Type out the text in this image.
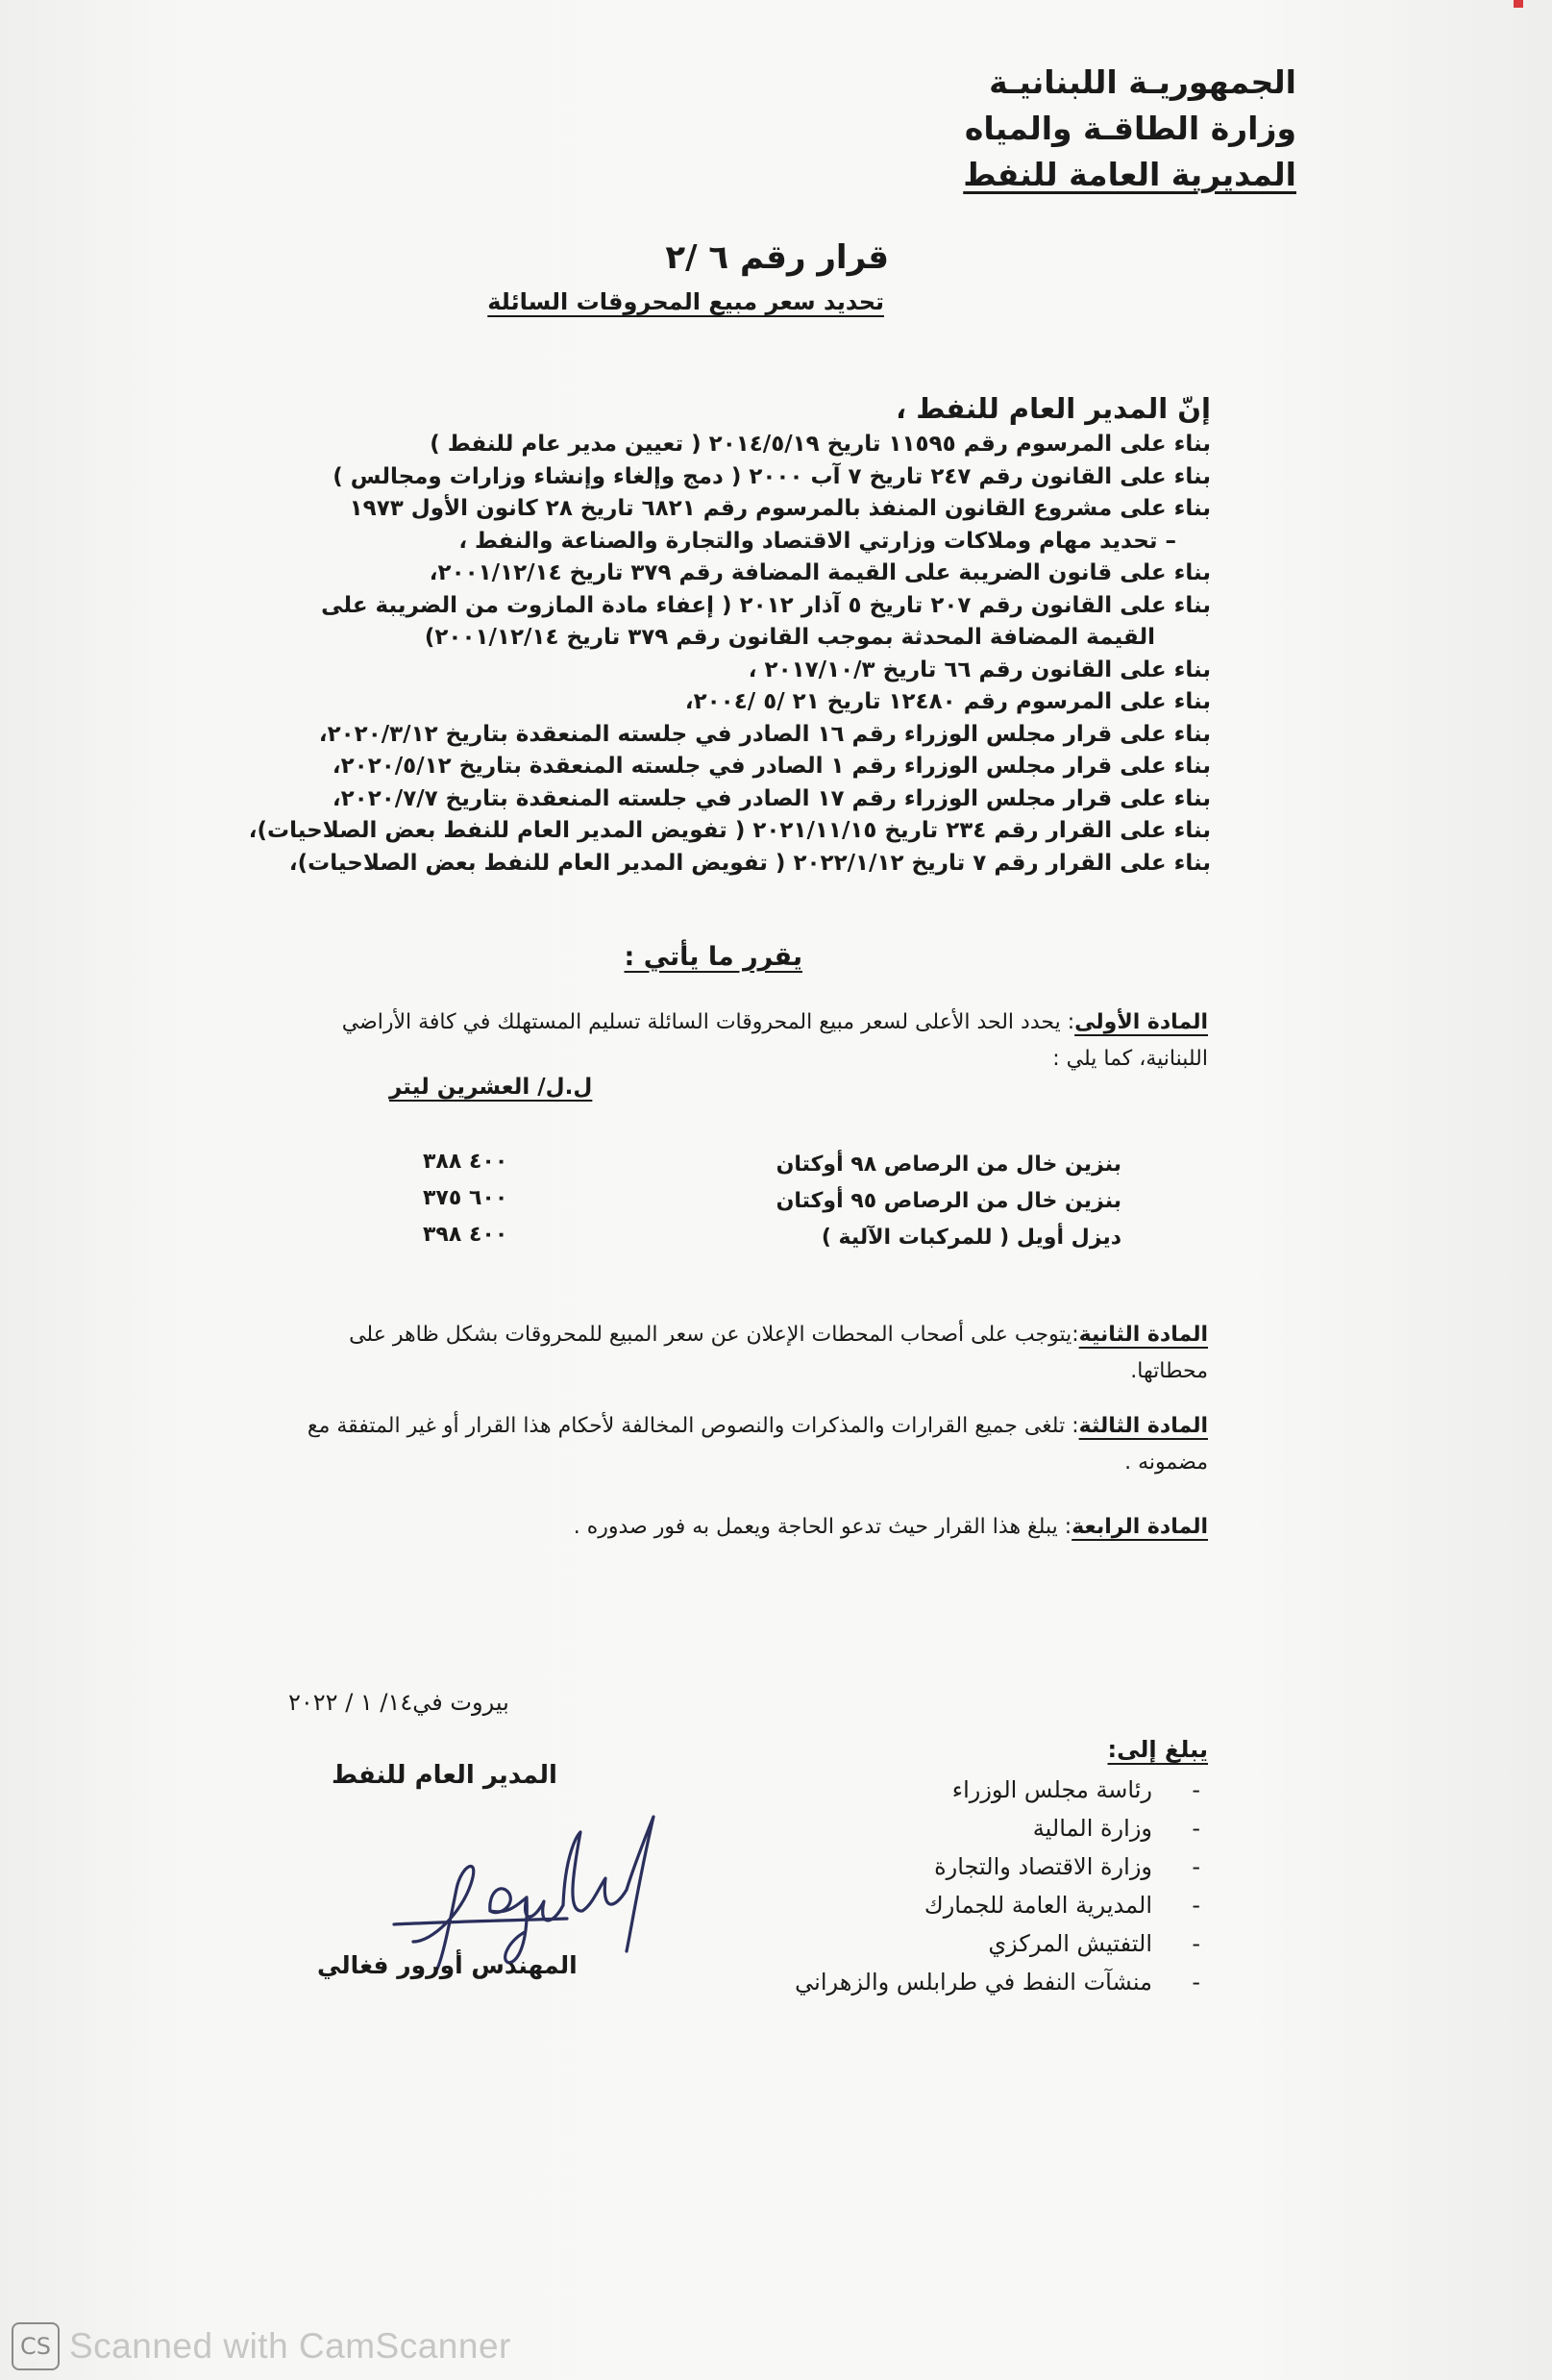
الجمهوريـة اللبنانيـة
وزارة الطاقـة والمياه
المديرية العامة للنفط
قرار رقم ٦ /٢
تحديد سعر مبيع المحروقات السائلة
إنّ المدير العام للنفط ،
بناء على المرسوم رقم ١١٥٩٥ تاريخ ٢٠١٤/٥/١٩ ( تعيين مدير عام للنفط )
بناء على القانون رقم ٢٤٧ تاريخ ٧ آب ٢٠٠٠ ( دمج وإلغاء وإنشاء وزارات ومجالس )
بناء على مشروع القانون المنفذ بالمرسوم رقم ٦٨٢١ تاريخ ٢٨ كانون الأول ١٩٧٣
– تحديد مهام وملاكات وزارتي الاقتصاد والتجارة والصناعة والنفط ،
بناء على قانون الضريبة على القيمة المضافة رقم ٣٧٩ تاريخ ٢٠٠١/١٢/١٤،
بناء على القانون رقم ٢٠٧ تاريخ ٥ آذار ٢٠١٢ ( إعفاء مادة المازوت من الضريبة على
القيمة المضافة المحدثة بموجب القانون رقم ٣٧٩ تاريخ ٢٠٠١/١٢/١٤)
بناء على القانون رقم ٦٦ تاريخ ٢٠١٧/١٠/٣ ،
بناء على المرسوم رقم ١٢٤٨٠ تاريخ ٢١ /٥ /٢٠٠٤،
بناء على قرار مجلس الوزراء رقم ١٦ الصادر في جلسته المنعقدة بتاريخ ٢٠٢٠/٣/١٢،
بناء على قرار مجلس الوزراء رقم ١ الصادر في جلسته المنعقدة بتاريخ ٢٠٢٠/٥/١٢،
بناء على قرار مجلس الوزراء رقم ١٧ الصادر في جلسته المنعقدة بتاريخ ٢٠٢٠/٧/٧،
بناء على القرار رقم ٢٣٤ تاريخ ٢٠٢١/١١/١٥ ( تفويض المدير العام للنفط بعض الصلاحيات)،
بناء على القرار رقم ٧ تاريخ ٢٠٢٢/١/١٢ ( تفويض المدير العام للنفط بعض الصلاحيات)،
يقرر ما يأتي :
المادة الأولى: يحدد الحد الأعلى لسعر مبيع المحروقات السائلة تسليم المستهلك في كافة الأراضي اللبنانية، كما يلي :
ل.ل/ العشرين ليتر
بنزين خال من الرصاص ٩٨ أوكتان
بنزين خال من الرصاص ٩٥ أوكتان
ديزل أويل ( للمركبات الآلية )
٤٠٠ ٣٨٨
٦٠٠ ٣٧٥
٤٠٠ ٣٩٨
المادة الثانية:يتوجب على أصحاب المحطات الإعلان عن سعر المبيع للمحروقات بشكل ظاهر على محطاتها.
المادة الثالثة: تلغى جميع القرارات والمذكرات والنصوص المخالفة لأحكام هذا القرار أو غير المتفقة مع مضمونه .
المادة الرابعة: يبلغ هذا القرار حيث تدعو الحاجة ويعمل به فور صدوره .
بيروت في١٤/ ١ / ٢٠٢٢
المدير العام للنفط
المهندس أورور فغالي
يبلغ إلى:
- رئاسة مجلس الوزراء
- وزارة المالية
- وزارة الاقتصاد والتجارة
- المديرية العامة للجمارك
- التفتيش المركزي
- منشآت النفط في طرابلس والزهراني
CS Scanned with CamScanner
